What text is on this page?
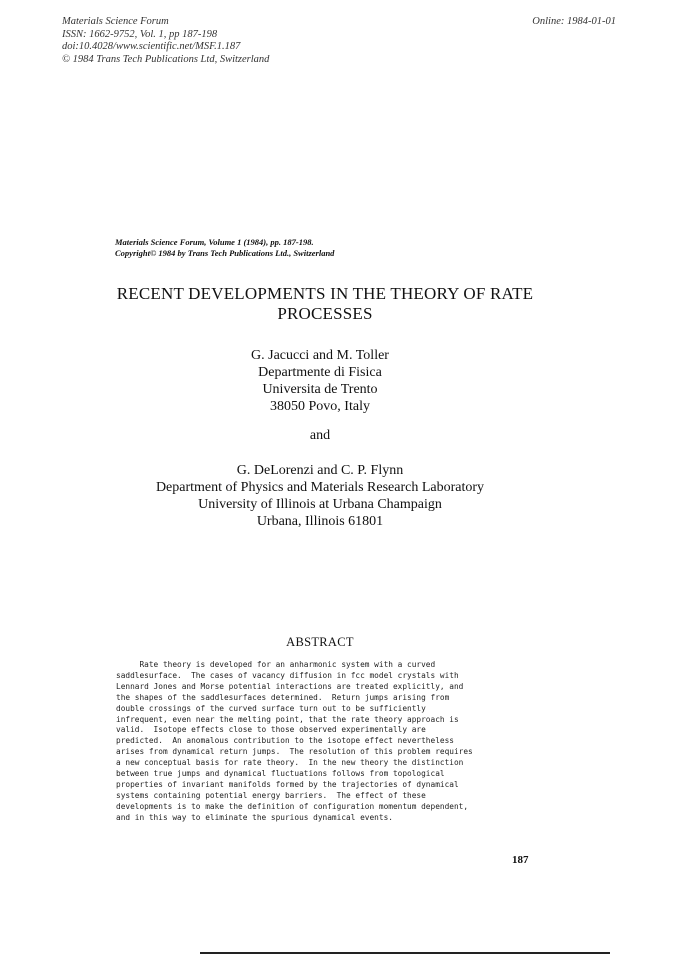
Materials Science Forum
ISSN: 1662-9752, Vol. 1, pp 187-198
doi:10.4028/www.scientific.net/MSF.1.187
© 1984 Trans Tech Publications Ltd, Switzerland
Online: 1984-01-01
Materials Science Forum, Volume 1 (1984), pp. 187-198.
Copyright© 1984 by Trans Tech Publications Ltd., Switzerland
RECENT DEVELOPMENTS IN THE THEORY OF RATE
PROCESSES
G. Jacucci and M. Toller
Departmente di Fisica
Universita de Trento
38050 Povo, Italy
and
G. DeLorenzi and C. P. Flynn
Department of Physics and Materials Research Laboratory
University of Illinois at Urbana Champaign
Urbana, Illinois 61801
ABSTRACT
Rate theory is developed for an anharmonic system with a curved
saddlesurface.  The cases of vacancy diffusion in fcc model crystals with
Lennard Jones and Morse potential interactions are treated explicitly, and
the shapes of the saddlesurfaces determined.  Return jumps arising from
double crossings of the curved surface turn out to be sufficiently
infrequent, even near the melting point, that the rate theory approach is
valid.  Isotope effects close to those observed experimentally are
predicted.  An anomalous contribution to the isotope effect nevertheless
arises from dynamical return jumps.  The resolution of this problem requires
a new conceptual basis for rate theory.  In the new theory the distinction
between true jumps and dynamical fluctuations follows from topological
properties of invariant manifolds formed by the trajectories of dynamical
systems containing potential energy barriers.  The effect of these
developments is to make the definition of configuration momentum dependent,
and in this way to eliminate the spurious dynamical events.
187
